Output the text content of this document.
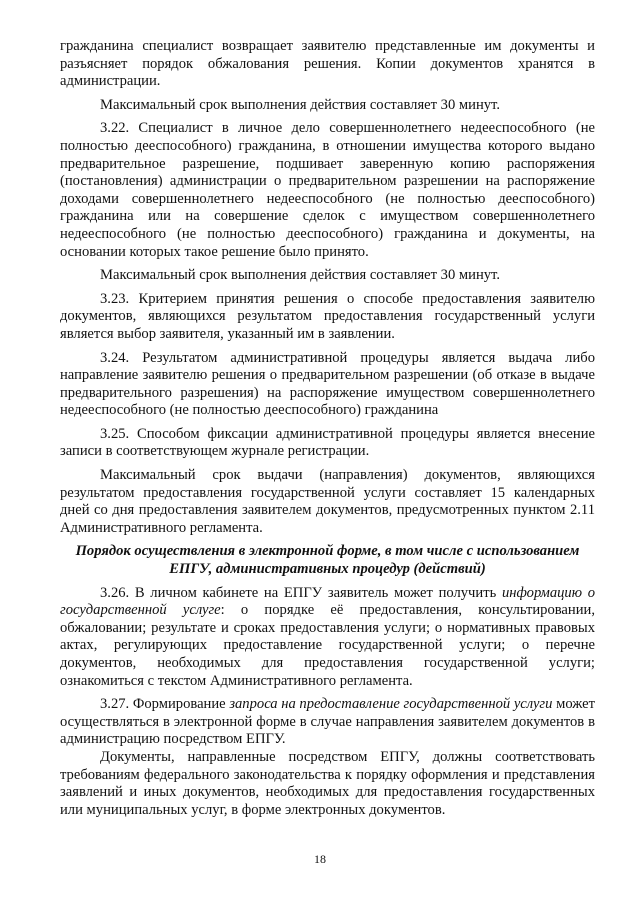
гражданина специалист возвращает заявителю представленные им документы и разъясняет порядок обжалования решения. Копии документов хранятся в администрации.

Максимальный срок выполнения действия составляет 30 минут.

3.22. Специалист в личное дело совершеннолетнего недееспособного (не полностью дееспособного) гражданина, в отношении имущества которого выдано предварительное разрешение, подшивает заверенную копию распоряжения (постановления) администрации о предварительном разрешении на распоряжение доходами совершеннолетнего недееспособного (не полностью дееспособного) гражданина или на совершение сделок с имуществом совершеннолетнего недееспособного (не полностью дееспособного) гражданина и документы, на основании которых такое решение было принято.

Максимальный срок выполнения действия составляет 30 минут.

3.23. Критерием принятия решения о способе предоставления заявителю документов, являющихся результатом предоставления государственный услуги является выбор заявителя, указанный им в заявлении.

3.24. Результатом административной процедуры является выдача либо направление заявителю решения о предварительном разрешении (об отказе в выдаче предварительного разрешения) на распоряжение имуществом совершеннолетнего недееспособного (не полностью дееспособного) гражданина

3.25. Способом фиксации административной процедуры является внесение записи в соответствующем журнале регистрации.

Максимальный срок выдачи (направления) документов, являющихся результатом предоставления государственной услуги составляет 15 календарных дней со дня предоставления заявителем документов, предусмотренных пунктом 2.11 Административного регламента.

Порядок осуществления в электронной форме, в том числе с использованием ЕПГУ, административных процедур (действий)

3.26. В личном кабинете на ЕПГУ заявитель может получить информацию о государственной услуге: о порядке её предоставления, консультировании, обжаловании; результате и сроках предоставления услуги; о нормативных правовых актах, регулирующих предоставление государственной услуги; о перечне документов, необходимых для предоставления государственной услуги; ознакомиться с текстом Административного регламента.

3.27. Формирование запроса на предоставление государственной услуги может осуществляться в электронной форме в случае направления заявителем документов в администрацию посредством ЕПГУ.

Документы, направленные посредством ЕПГУ, должны соответствовать требованиям федерального законодательства к порядку оформления и представления заявлений и иных документов, необходимых для предоставления государственных или муниципальных услуг, в форме электронных документов.

18
